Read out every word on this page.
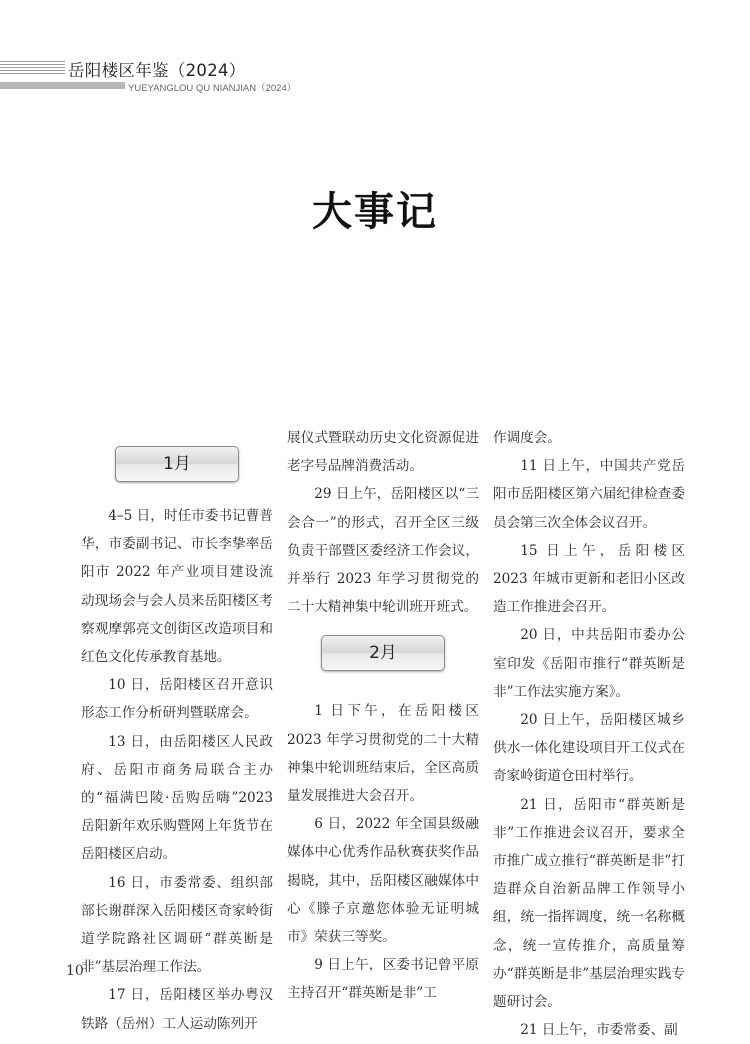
岳阳楼区年鉴（2024）
YUEYANGLOU QU NIANJIAN（2024）
大事记
1月

4–5 日，时任市委书记曹普华，市委副书记、市长李挚率岳阳市 2022 年产业项目建设流动现场会与会人员来岳阳楼区考察观摩郭亮文创街区改造项目和红色文化传承教育基地。

10 日，岳阳楼区召开意识形态工作分析研判暨联席会。

13 日，由岳阳楼区人民政府、岳阳市商务局联合主办的“福满巴陵·岳购岳嗨”2023 岳阳新年欢乐购暨网上年货节在岳阳楼区启动。

16 日，市委常委、组织部部长谢群深入岳阳楼区奇家岭街道学院路社区调研“群英断是非”基层治理工作法。

17 日，岳阳楼区举办粤汉铁路（岳州）工人运动陈列开

展仪式暨联动历史文化资源促进老字号品牌消费活动。

29 日上午，岳阳楼区以“三会合一”的形式，召开全区三级负责干部暨区委经济工作会议，并举行 2023 年学习贯彻党的二十大精神集中轮训班开班式。

2月

1 日下午，在岳阳楼区 2023 年学习贯彻党的二十大精神集中轮训班结束后，全区高质量发展推进大会召开。

6 日，2022 年全国县级融媒体中心优秀作品秋赛获奖作品揭晓，其中，岳阳楼区融媒体中心《滕子京邀您体验无证明城市》荣获三等奖。

9 日上午，区委书记曾平原主持召开“群英断是非”工

作调度会。

11 日上午，中国共产党岳阳市岳阳楼区第六届纪律检查委员会第三次全体会议召开。

15 日上午，岳阳楼区 2023 年城市更新和老旧小区改造工作推进会召开。

20 日，中共岳阳市委办公室印发《岳阳市推行“群英断是非”工作法实施方案》。

20 日上午，岳阳楼区城乡供水一体化建设项目开工仪式在奇家岭街道仓田村举行。

21 日，岳阳市“群英断是非”工作推进会议召开，要求全市推广成立推行“群英断是非”打造群众自治新品牌工作领导小组，统一指挥调度，统一名称概念，统一宣传推介，高质量筹办“群英断是非”基层治理实践专题研讨会。

21 日上午，市委常委、副

10
